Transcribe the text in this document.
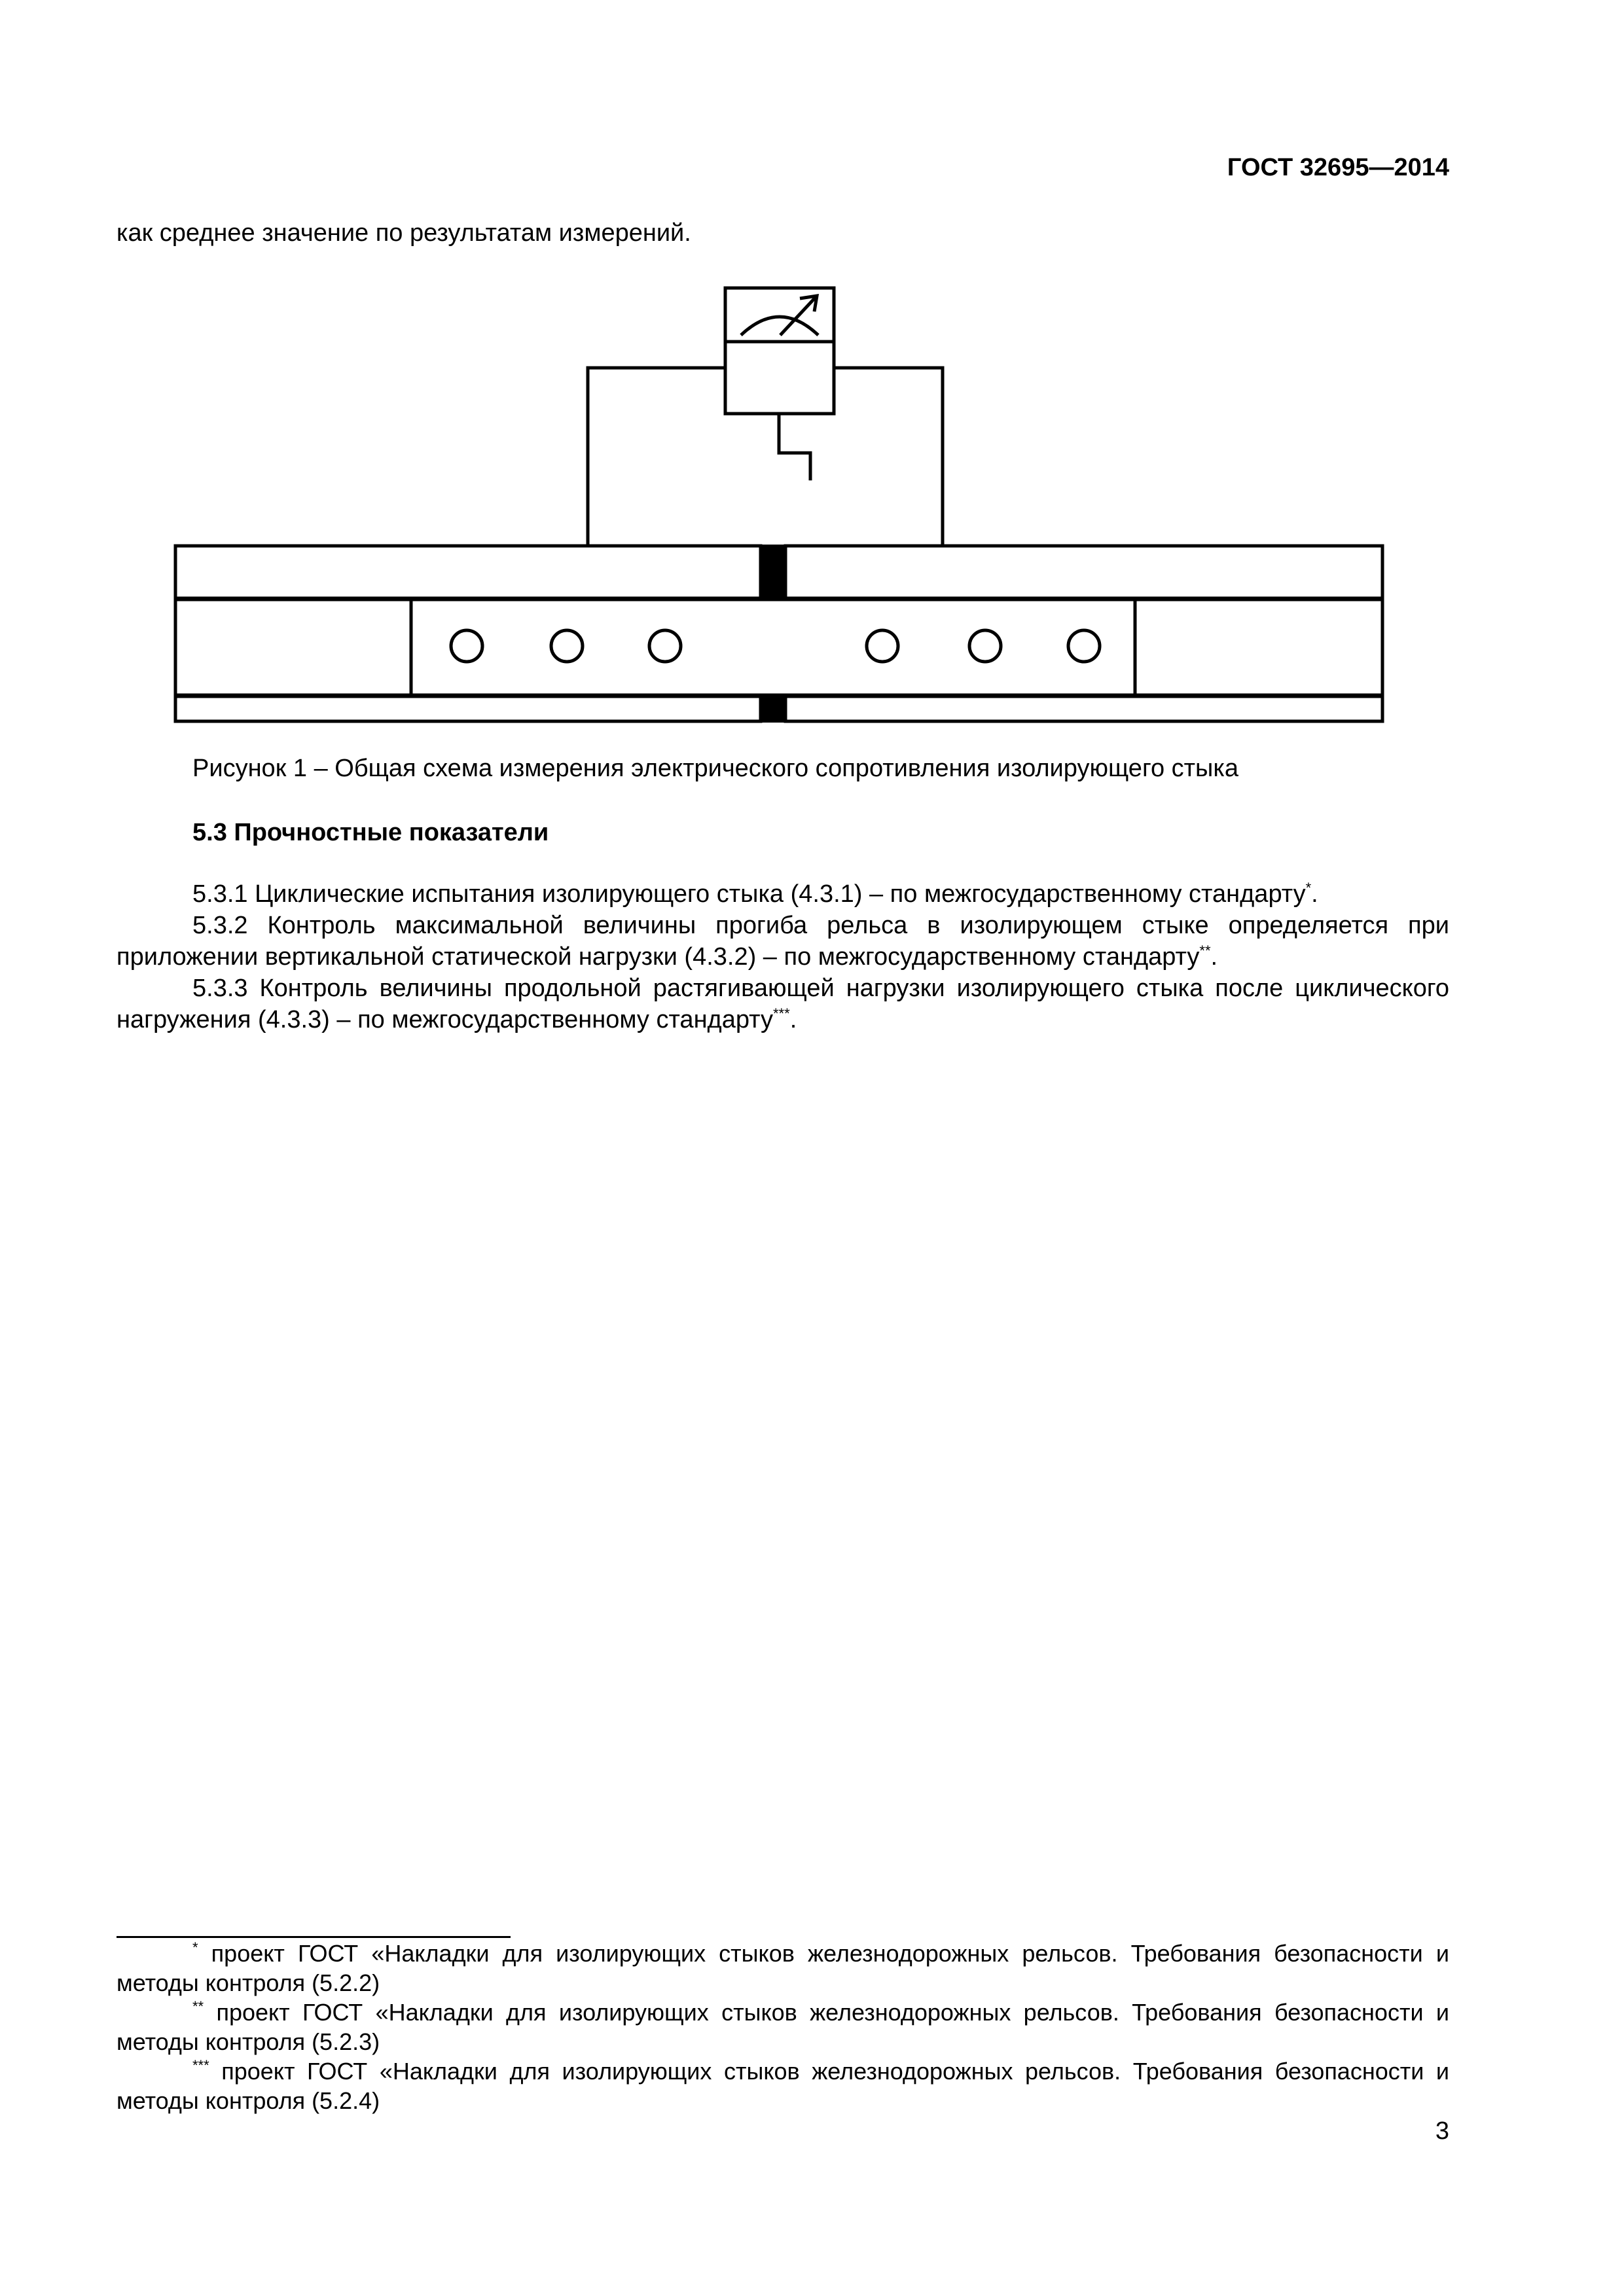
ГОСТ 32695—2014
как среднее значение по результатам измерений.
Рисунок 1 – Общая схема измерения электрического сопротивления изолирующего стыка
5.3 Прочностные показатели

5.3.1 Циклические испытания изолирующего стыка (4.3.1) – по межгосударственному стандарту*.

5.3.2 Контроль максимальной величины прогиба рельса в изолирующем стыке определяется при приложении вертикальной статической нагрузки (4.3.2) – по межгосударственному стандарту**.

5.3.3 Контроль величины продольной растягивающей нагрузки изолирующего стыка после циклического нагружения (4.3.3) – по межгосударственному стандарту***.

* проект ГОСТ «Накладки для изолирующих стыков железнодорожных рельсов. Требования безопасности и методы контроля (5.2.2)

** проект ГОСТ «Накладки для изолирующих стыков железнодорожных рельсов. Требования безопасности и методы контроля (5.2.3)

*** проект ГОСТ «Накладки для изолирующих стыков железнодорожных рельсов. Требования безопасности и методы контроля (5.2.4)

3
